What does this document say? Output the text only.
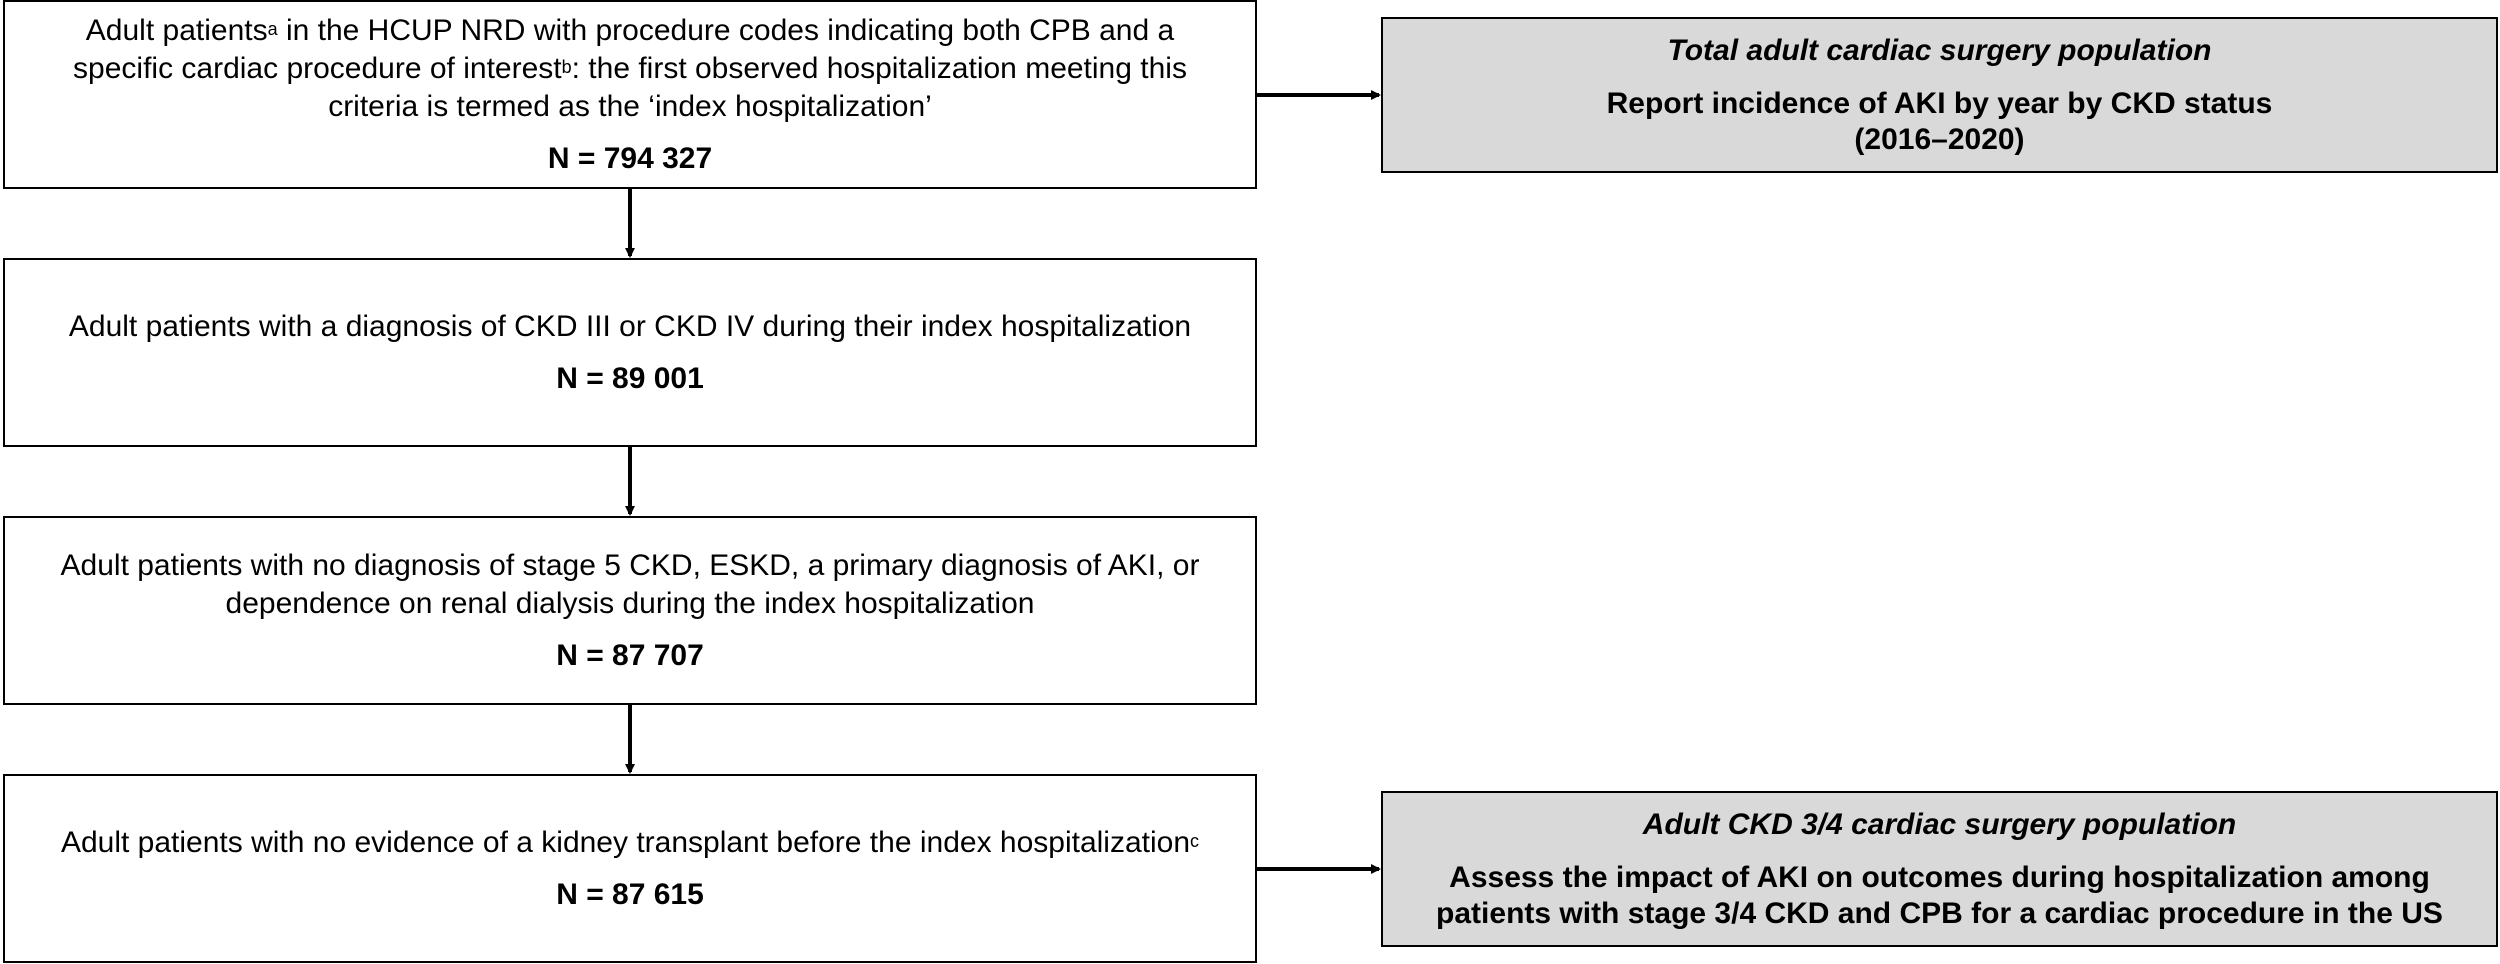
Adult patients$^a$ in the HCUP NRD with procedure codes indicating both CPB and a specific cardiac procedure of interest$^b$: the first observed hospitalization meeting this criteria is termed as the ‘index hospitalization’
N = 794 327
Adult patients with a diagnosis of CKD III or CKD IV during their index hospitalization
N = 89 001
Adult patients with no diagnosis of stage 5 CKD, ESKD, a primary diagnosis of AKI, or dependence on renal dialysis during the index hospitalization
N = 87 707
Adult patients with no evidence of a kidney transplant before the index hospitalization$^c$
N = 87 615
Total adult cardiac surgery population
Report incidence of AKI by year by CKD status
(2016–2020)
Adult CKD 3/4 cardiac surgery population
Assess the impact of AKI on outcomes during hospitalization among
patients with stage 3/4 CKD and CPB for a cardiac procedure in the US
